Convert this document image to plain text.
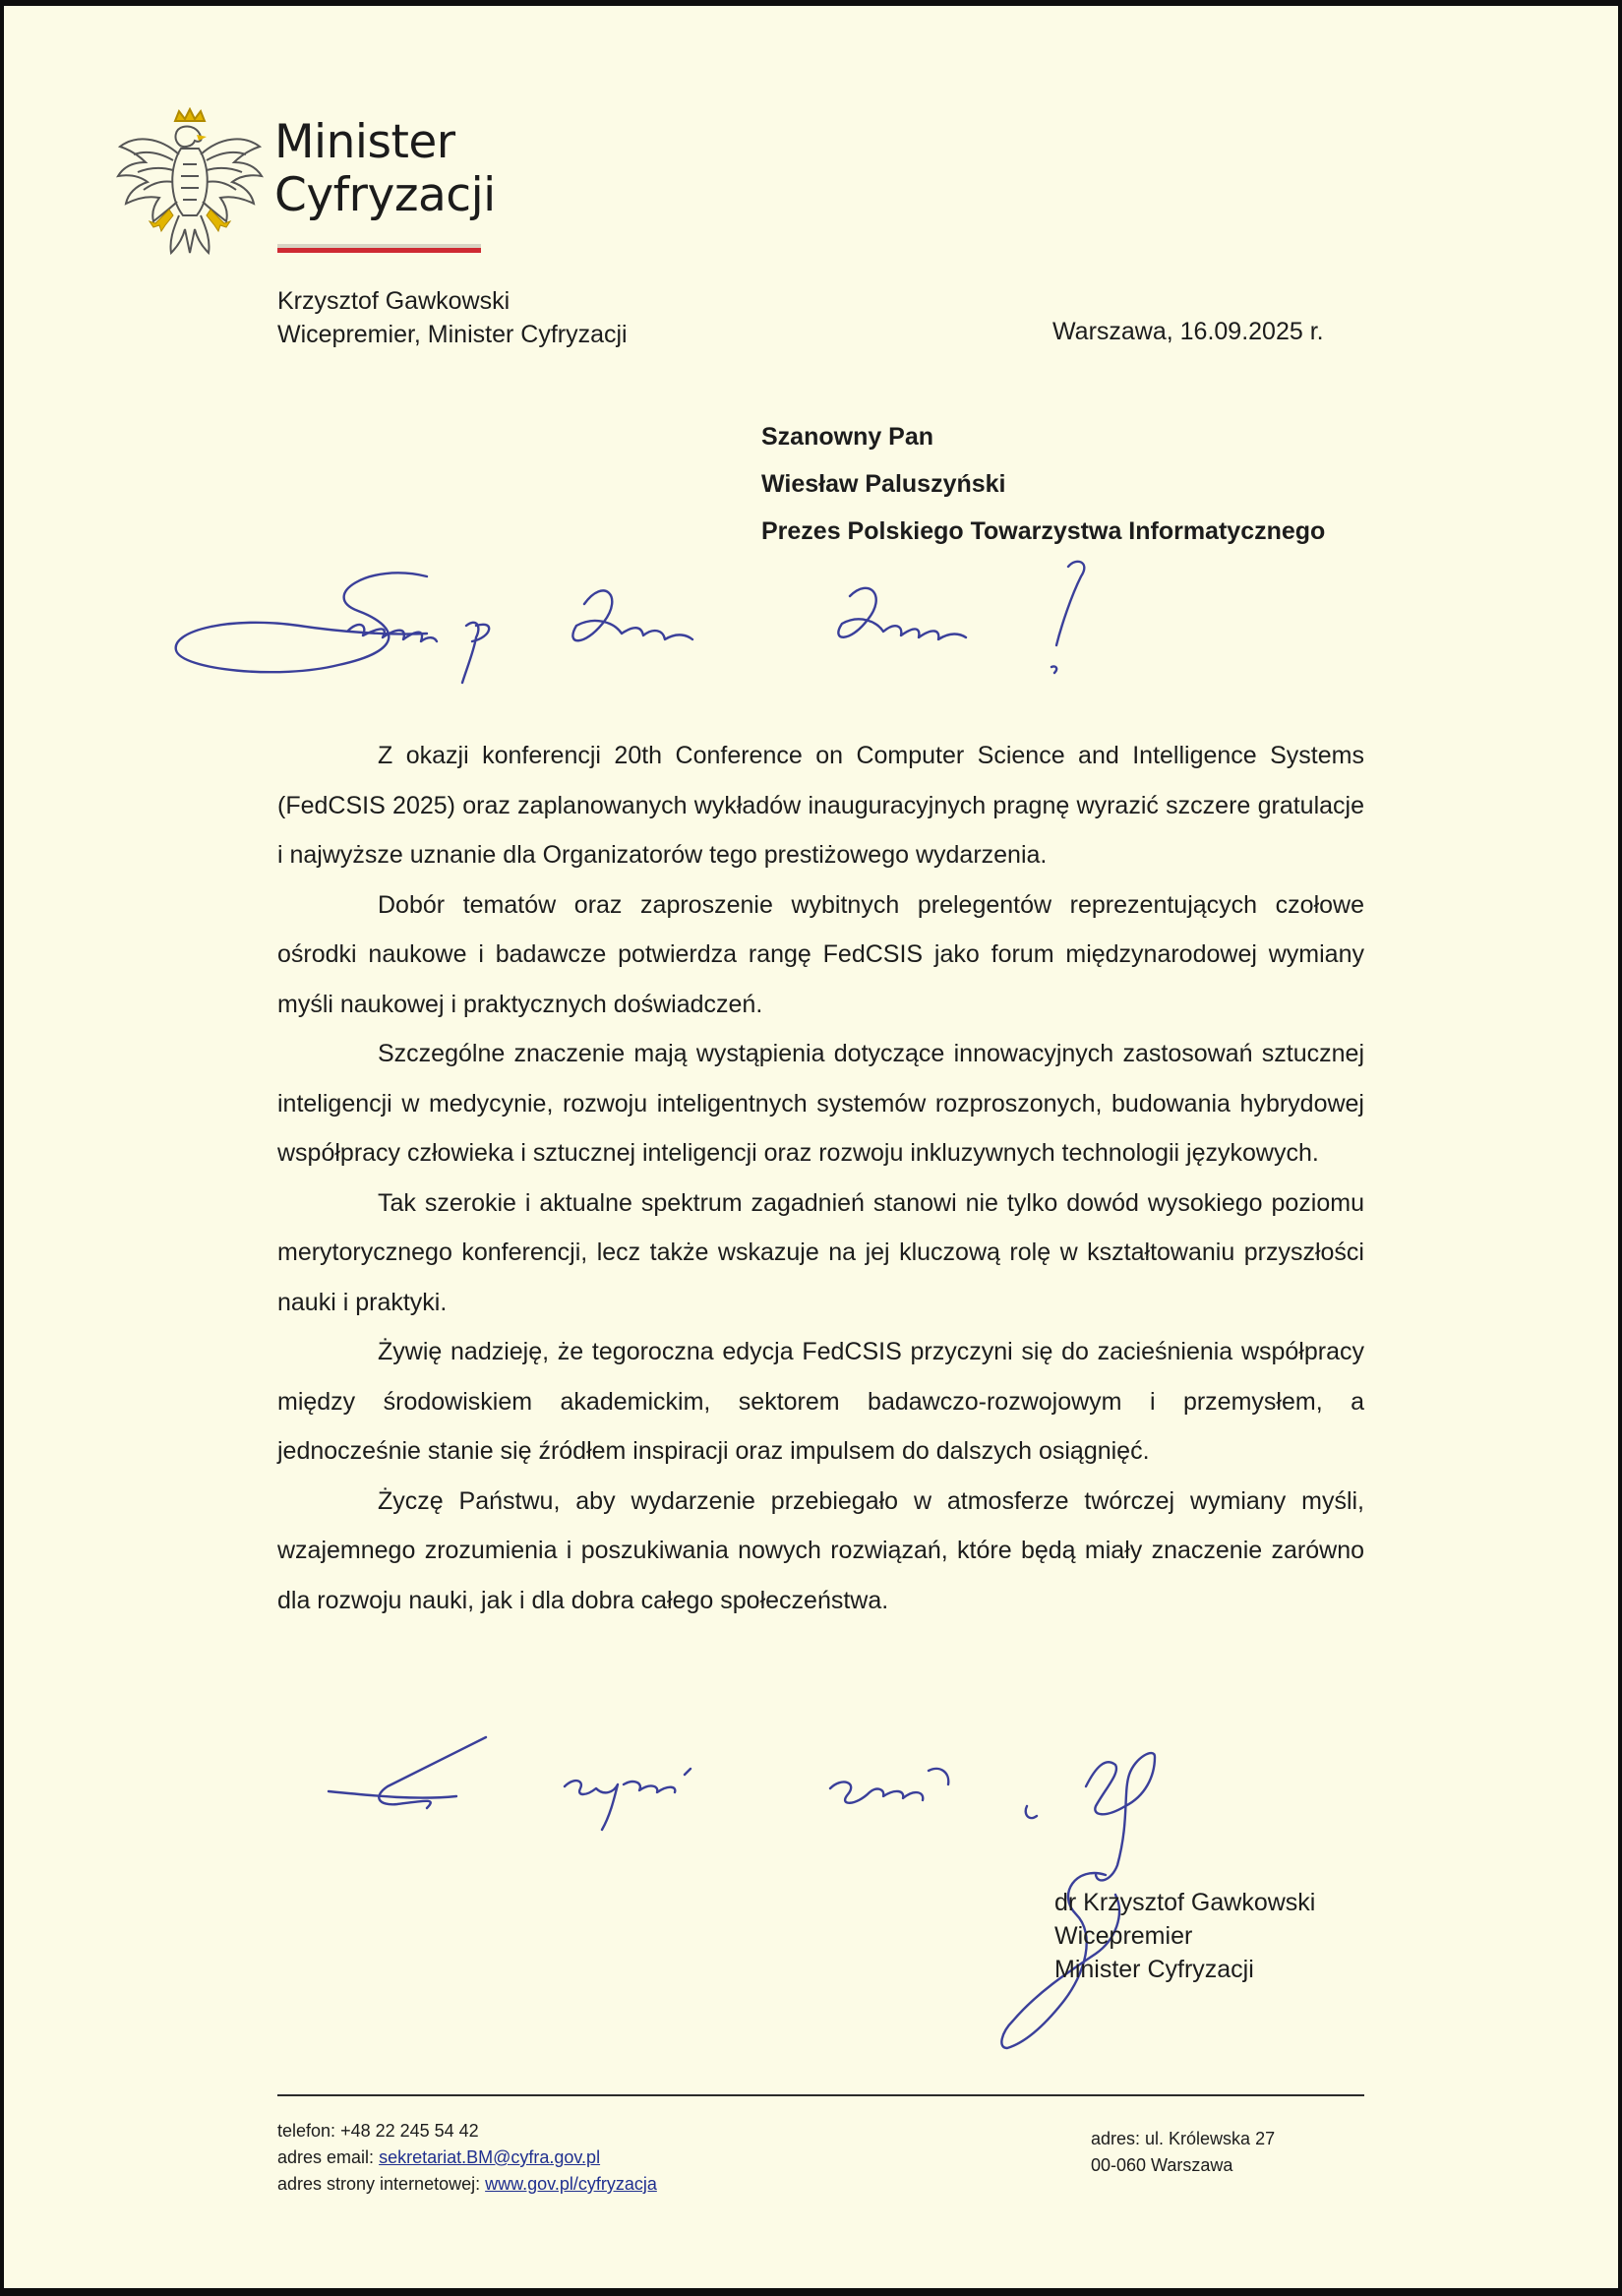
Minister
Cyfryzacji
Krzysztof Gawkowski
Wicepremier, Minister Cyfryzacji	Warszawa, 16.09.2025 r.
Szanowny Pan
Wiesław Paluszyński
Prezes Polskiego Towarzystwa Informatycznego

Z okazji konferencji 20th Conference on Computer Science and Intelligence Systems (FedCSIS 2025) oraz zaplanowanych wykładów inauguracyjnych pragnę wyrazić szczere gratulacje i najwyższe uznanie dla Organizatorów tego prestiżowego wydarzenia.

Dobór tematów oraz zaproszenie wybitnych prelegentów reprezentujących czołowe ośrodki naukowe i badawcze potwierdza rangę FedCSIS jako forum międzynarodowej wymiany myśli naukowej i praktycznych doświadczeń.

Szczególne znaczenie mają wystąpienia dotyczące innowacyjnych zastosowań sztucznej inteligencji w medycynie, rozwoju inteligentnych systemów rozproszonych, budowania hybrydowej współpracy człowieka i sztucznej inteligencji oraz rozwoju inkluzywnych technologii językowych.

Tak szerokie i aktualne spektrum zagadnień stanowi nie tylko dowód wysokiego poziomu merytorycznego konferencji, lecz także wskazuje na jej kluczową rolę w kształtowaniu przyszłości nauki i praktyki.

Żywię nadzieję, że tegoroczna edycja FedCSIS przyczyni się do zacieśnienia współpracy między środowiskiem akademickim, sektorem badawczo-rozwojowym i przemysłem, a jednocześnie stanie się źródłem inspiracji oraz impulsem do dalszych osiągnięć.

Życzę Państwu, aby wydarzenie przebiegało w atmosferze twórczej wymiany myśli, wzajemnego zrozumienia i poszukiwania nowych rozwiązań, które będą miały znaczenie zarówno dla rozwoju nauki, jak i dla dobra całego społeczeństwa.

dr Krzysztof Gawkowski
Wicepremier
Minister Cyfryzacji
telefon: +48 22 245 54 42
adres email: sekretariat.BM@cyfra.gov.pl
adres strony internetowej: www.gov.pl/cyfryzacja
adres: ul. Królewska 27
00-060 Warszawa
